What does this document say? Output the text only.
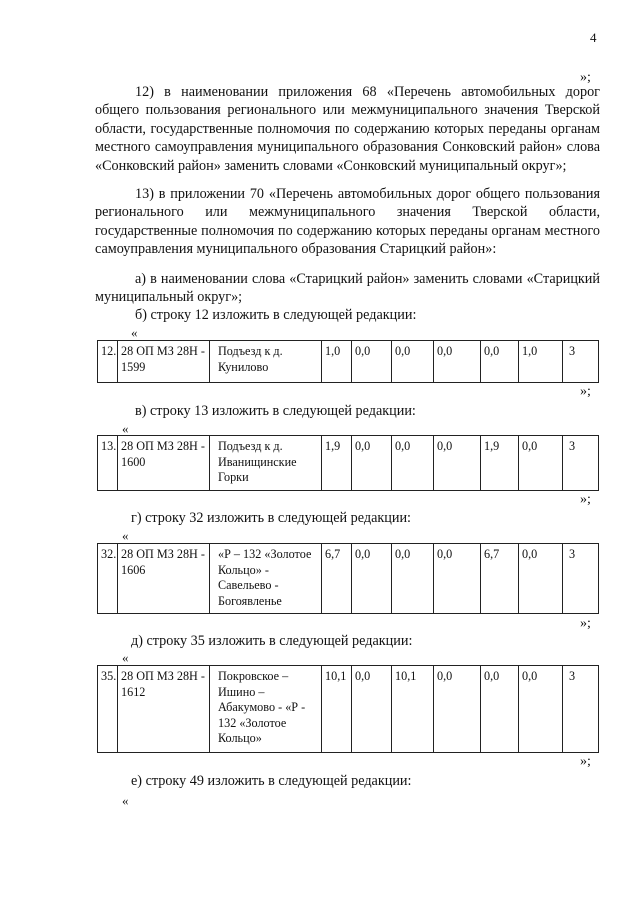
4
»;
12) в наименовании приложения 68 «Перечень автомобильных дорог общего пользования регионального или межмуниципального значения Тверской области, государственные полномочия по содержанию которых переданы органам местного самоуправления муниципального образования Сонковский район» слова «Сонковский район» заменить словами «Сонковский муниципальный округ»;
13) в приложении 70 «Перечень автомобильных дорог общего пользования регионального или межмуниципального значения Тверской области, государственные полномочия по содержанию которых переданы органам местного самоуправления муниципального образования Старицкий район»:
а) в наименовании слова «Старицкий район» заменить словами «Старицкий муниципальный округ»;
б) строку 12 изложить в следующей редакции:
«
12.	28 ОП МЗ 28Н - 1599	Подъезд к д. Кунилово	1,0	0,0	0,0	0,0	0,0	1,0	3
»;
в) строку 13 изложить в следующей редакции:
«
13.	28 ОП МЗ 28Н - 1600	Подъезд к д. Иванищинские Горки	1,9	0,0	0,0	0,0	1,9	0,0	3
»;
г) строку 32 изложить в следующей редакции:
«
32.	28 ОП МЗ 28Н - 1606	«Р – 132 «Золотое Кольцо» - Савельево - Богоявленье	6,7	0,0	0,0	0,0	6,7	0,0	3
»;
д) строку 35 изложить в следующей редакции:
«
35.	28 ОП МЗ 28Н - 1612	Покровское – Ишино – Абакумово - «Р - 132 «Золотое Кольцо»	10,1	0,0	10,1	0,0	0,0	0,0	3
»;
е) строку 49 изложить в следующей редакции:
«
